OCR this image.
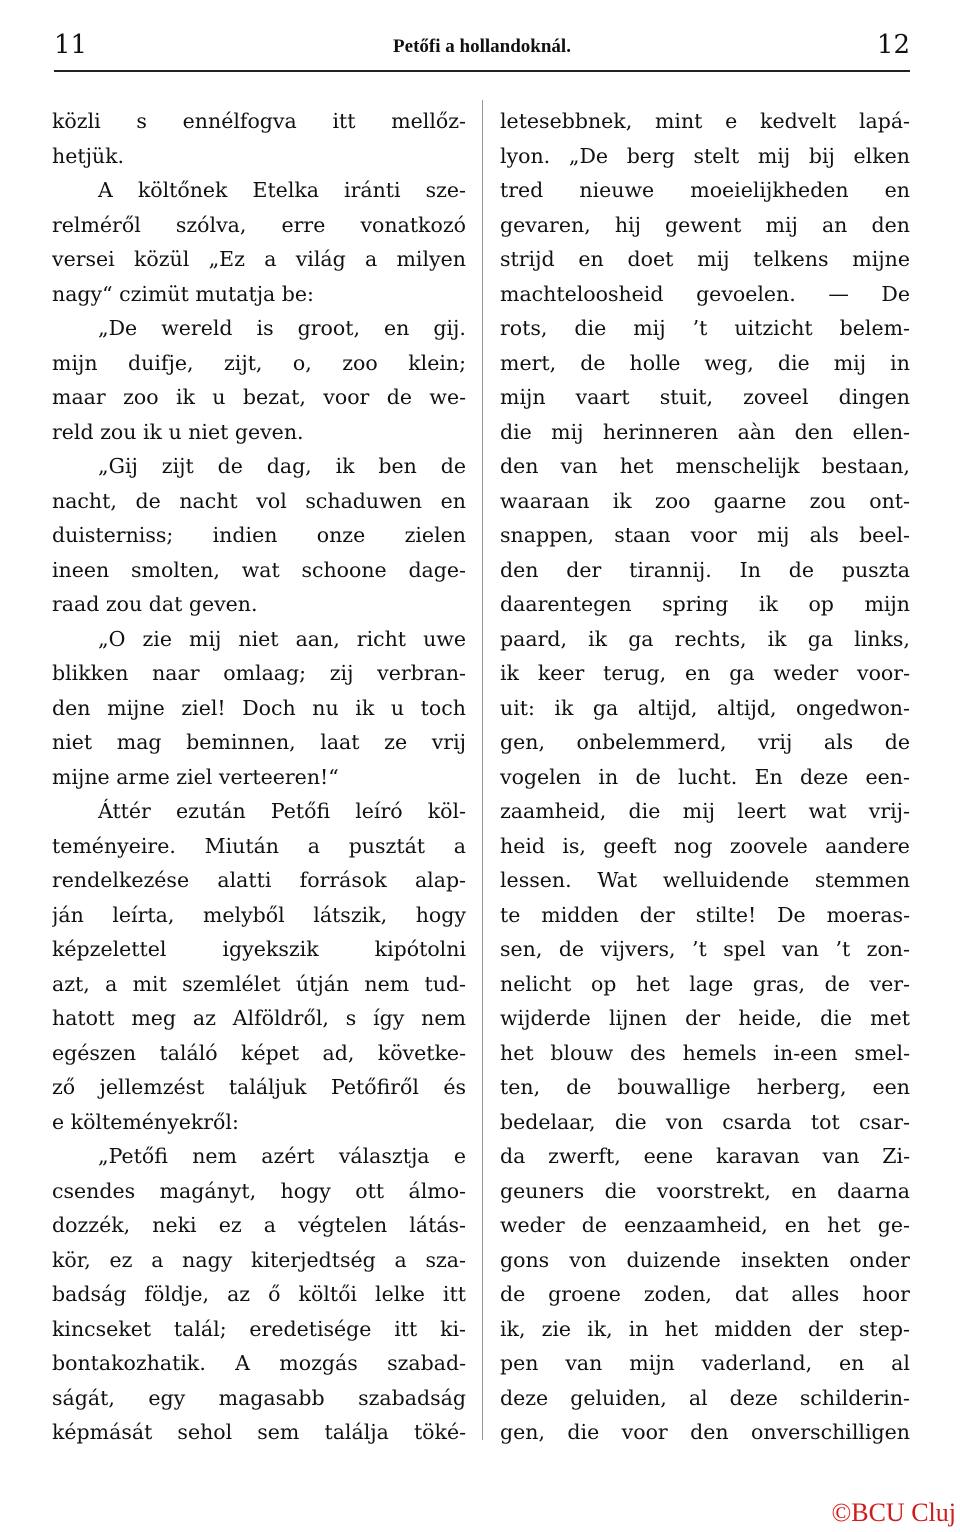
11	Petőfi a hollandoknál.	12
közli s ennélfogva itt mellőz-
hetjük.
A költőnek Etelka iránti sze-
relméről szólva, erre vonatkozó
versei közül „Ez a világ a milyen
nagy“ czimüt mutatja be:
„De wereld is groot, en gij.
mijn duifje, zijt, o, zoo klein;
maar zoo ik u bezat, voor de we-
reld zou ik u niet geven.
„Gij zijt de dag, ik ben de
nacht, de nacht vol schaduwen en
duisterniss; indien onze zielen
ineen smolten, wat schoone dage-
raad zou dat geven.
„O zie mij niet aan, richt uwe
blikken naar omlaag; zij verbran-
den mijne ziel! Doch nu ik u toch
niet mag beminnen, laat ze vrij
mijne arme ziel verteeren!“
Áttér ezután Petőfi leíró köl-
teményeire. Miután a pusztát a
rendelkezése alatti források alap-
ján leírta, melyből látszik, hogy
képzelettel	igyekszik	kipótolni
azt, a mit szemlélet útján nem tud-
hatott meg az Alföldről, s így nem
egészen találó képet ad, követke-
ző jellemzést találjuk Petőfiről és
e költeményekről:
„Petőfi nem azért választja e
csendes magányt, hogy ott álmo-
dozzék, neki ez a végtelen látás-
kör, ez a nagy kiterjedtség a sza-
badság földje, az ő költői lelke itt
kincseket talál; eredetisége itt ki-
bontakozhatik. A mozgás szabad-
ságát, egy magasabb szabadság
képmását sehol sem találja töké-
letesebbnek, mint e kedvelt lapá-
lyon. „De berg stelt mij bij elken
tred nieuwe moeielijkheden en
gevaren, hij gewent mij an den
strijd en doet mij telkens mijne
machteloosheid gevoelen. — De
rots, die mij ’t uitzicht belem-
mert, de holle weg, die mij in
mijn vaart stuit, zoveel dingen
die mij herinneren aàn den ellen-
den van het menschelijk bestaan,
waaraan ik zoo gaarne zou ont-
snappen, staan voor mij als beel-
den der tirannij. In de puszta
daarentegen spring ik op mijn
paard, ik ga rechts, ik ga links,
ik keer terug, en ga weder voor-
uit: ik ga altijd, altijd, ongedwon-
gen, onbelemmerd, vrij als de
vogelen in de lucht. En deze een-
zaamheid, die mij leert wat vrij-
heid is, geeft nog zoovele aandere
lessen. Wat welluidende stemmen
te midden der stilte! De moeras-
sen, de vijvers, ’t spel van ’t zon-
nelicht op het lage gras, de ver-
wijderde lijnen der heide, die met
het blouw des hemels in-een smel-
ten, de bouwallige herberg, een
bedelaar, die von csarda tot csar-
da zwerft, eene karavan van Zi-
geuners die voorstrekt, en daarna
weder de eenzaamheid, en het ge-
gons von duizende insekten onder
de groene zoden, dat alles hoor
ik, zie ik, in het midden der step-
pen van mijn vaderland, en al
deze geluiden, al deze schilderin-
gen, die voor den onverschilligen
©BCU Cluj
